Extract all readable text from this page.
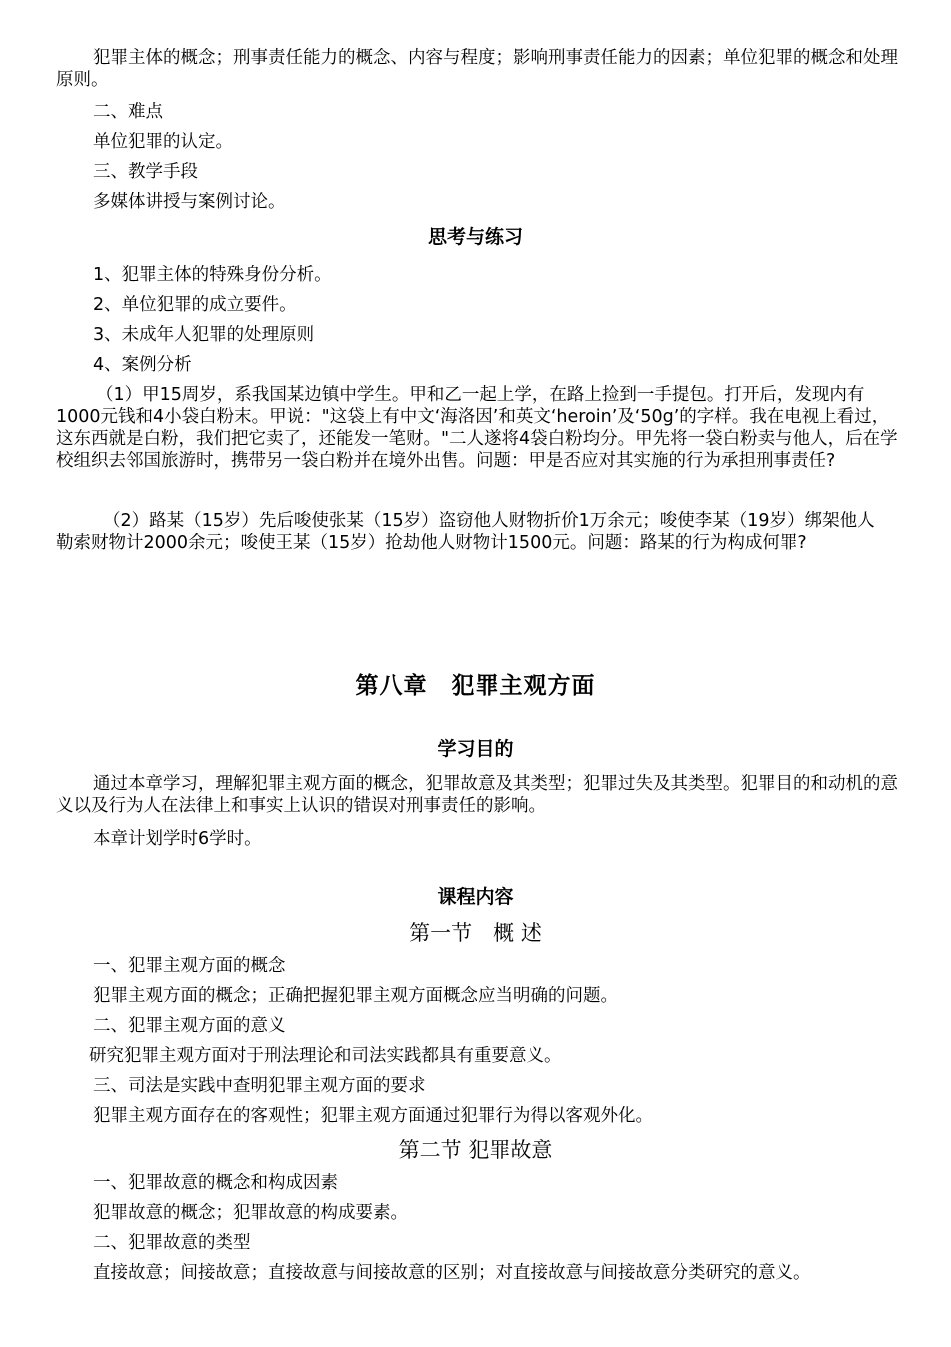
犯罪主体的概念；刑事责任能力的概念、内容与程度；影响刑事责任能力的因素；单位犯罪的概念和处理原则。
二、难点
单位犯罪的认定。
三、教学手段
多媒体讲授与案例讨论。
思考与练习
1、犯罪主体的特殊身份分析。
2、单位犯罪的成立要件。
3、未成年人犯罪的处理原则
4、案例分析
（1）甲15周岁，系我国某边镇中学生。甲和乙一起上学，在路上捡到一手提包。打开后，发现内有1000元钱和4小袋白粉末。甲说："这袋上有中文‘海洛因’和英文‘heroin’及‘50g’的字样。我在电视上看过，这东西就是白粉，我们把它卖了，还能发一笔财。"二人遂将4袋白粉均分。甲先将一袋白粉卖与他人，后在学校组织去邻国旅游时，携带另一袋白粉并在境外出售。问题：甲是否应对其实施的行为承担刑事责任?
（2）路某（15岁）先后唆使张某（15岁）盗窃他人财物折价1万余元；唆使李某（19岁）绑架他人勒索财物计2000余元；唆使王某（15岁）抢劫他人财物计1500元。问题：路某的行为构成何罪?
第八章　犯罪主观方面
学习目的
通过本章学习，理解犯罪主观方面的概念，犯罪故意及其类型；犯罪过失及其类型。犯罪目的和动机的意义以及行为人在法律上和事实上认识的错误对刑事责任的影响。
本章计划学时6学时。
课程内容
第一节　概 述
一、犯罪主观方面的概念
犯罪主观方面的概念；正确把握犯罪主观方面概念应当明确的问题。
二、犯罪主观方面的意义
研究犯罪主观方面对于刑法理论和司法实践都具有重要意义。
三、司法是实践中查明犯罪主观方面的要求
犯罪主观方面存在的客观性；犯罪主观方面通过犯罪行为得以客观外化。
第二节 犯罪故意
一、犯罪故意的概念和构成因素
犯罪故意的概念；犯罪故意的构成要素。
二、犯罪故意的类型
直接故意；间接故意；直接故意与间接故意的区别；对直接故意与间接故意分类研究的意义。
